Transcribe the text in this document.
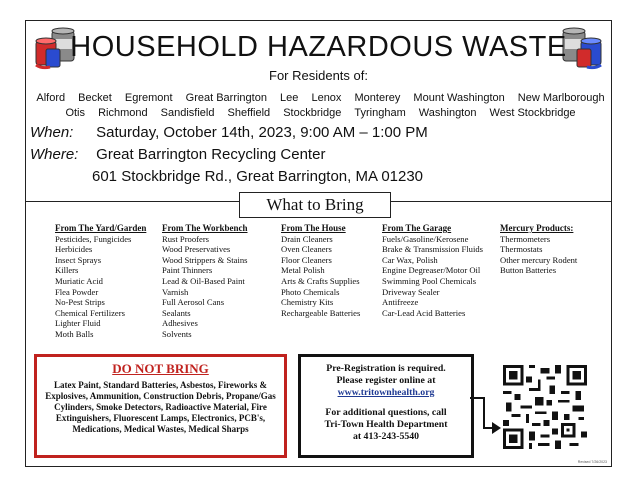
HOUSEHOLD HAZARDOUS WASTE
For Residents of:
Alford Becket Egremont Great Barrington Lee Lenox Monterey Mount Washington New Marlborough
Otis Richmond Sandisfield Sheffield Stockbridge Tyringham Washington West Stockbridge
When: Saturday, October 14th, 2023, 9:00 AM – 1:00 PM
Where: Great Barrington Recycling Center
601 Stockbridge Rd., Great Barrington, MA 01230
What to Bring
From The Yard/Garden
Pesticides, Fungicides
Herbicides
Insect Sprays
Killers
Muriatic Acid
Flea Powder
No-Pest Strips
Chemical Fertilizers
Lighter Fluid
Moth Balls
From The Workbench
Rust Proofers
Wood Preservatives
Wood Strippers & Stains
Paint Thinners
Lead & Oil-Based Paint
Varnish
Full Aerosol Cans
Sealants
Adhesives
Solvents
From The House
Drain Cleaners
Oven Cleaners
Floor Cleaners
Metal Polish
Arts & Crafts Supplies
Photo Chemicals
Chemistry Kits
Rechargeable Batteries
From The Garage
Fuels/Gasoline/Kerosene
Brake & Transmission Fluids
Car Wax, Polish
Engine Degreaser/Motor Oil
Swimming Pool Chemicals
Driveway Sealer
Antifreeze
Car-Lead Acid Batteries
Mercury Products:
Thermometers
Thermostats
Other mercury Rodent
Button Batteries
DO NOT BRING
Latex Paint, Standard Batteries, Asbestos, Fireworks & Explosives, Ammunition, Construction Debris, Propane/Gas Cylinders, Smoke Detectors, Radioactive Material, Fire Extinguishers, Fluorescent Lamps, Electronics, PCB's, Medications, Medical Wastes, Medical Sharps
Pre-Registration is required.
Please register online at
www.tritownhealth.org
For additional questions, call
Tri-Town Health Department
at 413-243-5540
Revised 7/26/2023
